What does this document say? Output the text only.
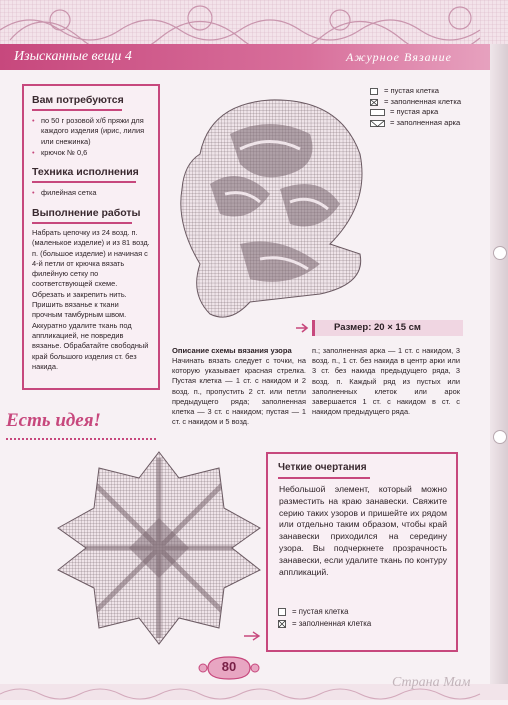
Изысканные вещи 4	Ажурное Вязание
Вам потребуются
• по 50 г розовой х/б пряжи для каждого изделия (ирис, лилия или снежинка)
• крючок № 0,6
Техника исполнения
• филейная сетка
Выполнение работы
Набрать цепочку из 24 возд. п. (маленькое изделие) и из 81 возд. п. (большое изделие) и начиная с 4-й петли от крючка вязать филейную сетку по соответствующей схеме. Обрезать и закрепить нить. Пришить вязанье к ткани прочным тамбурным швом. Аккуратно удалите ткань под аппликацией, не повредив вязанье. Обрабатайте свободный край большого изделия ст. без накида.
= пустая клетка
= заполненная клетка
= пустая арка
= заполненная арка
Размер: 20 × 15 см
Описание схемы вязания узора
Начинать вязать следует с точки, на которую указывает красная стрелка. Пустая клетка — 1 ст. с накидом и 2 возд. п., пропустить 2 ст. или петли предыдущего ряда; заполненная клетка — 3 ст. с накидом; пустая — 1 ст. с накидом и 5 возд.
п.; заполненная арка — 1 ст. с накидом, 3 возд. п., 1 ст. без накида в центр арки или 3 ст. без накида предыдущего ряда, 3 возд. п. Каждый ряд из пустых или заполненных клеток или арок завершается 1 ст. с накидом в ст. с накидом предыдущего ряда.
Есть идея!
Четкие очертания
Небольшой элемент, который можно разместить на краю занавески. Свяжите серию таких узоров и пришейте их рядом или отдельно таким образом, чтобы край занавески приходился на середину узора. Вы подчеркнете прозрачность занавески, если удалите ткань по контуру аппликаций.
= пустая клетка
= заполненная клетка
80
Страна Мам
